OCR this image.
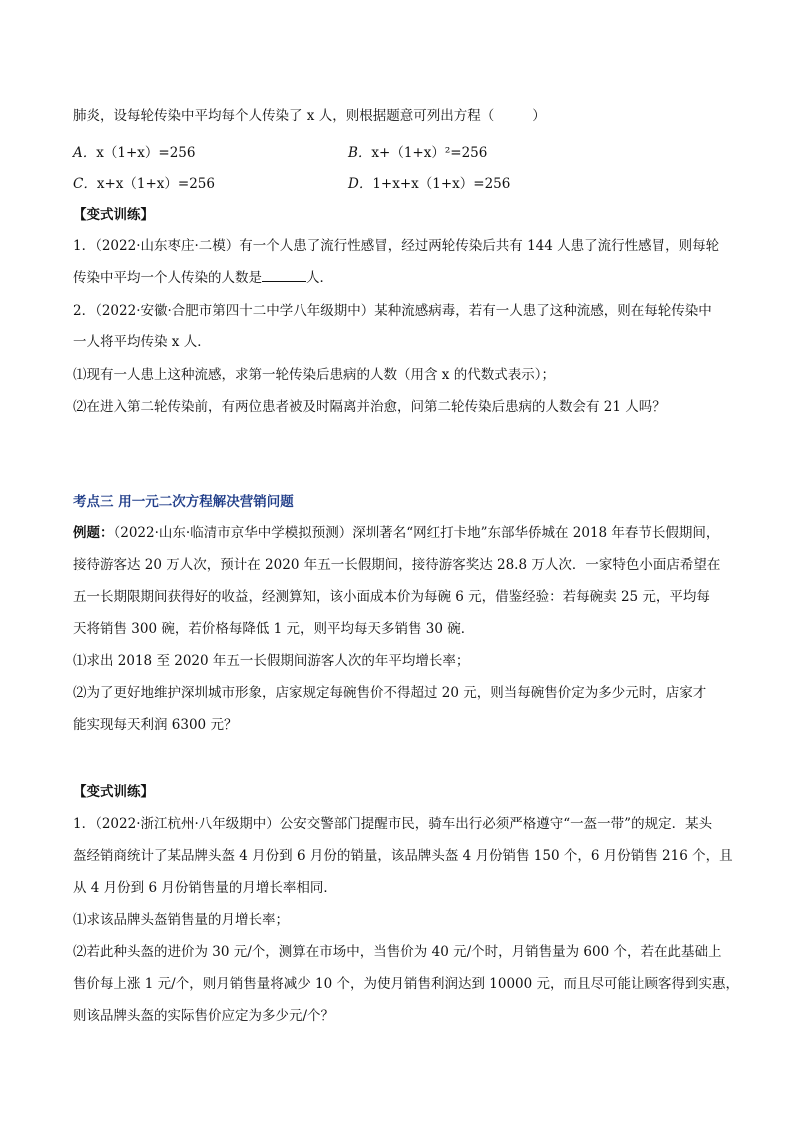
肺炎，设每轮传染中平均每个人传染了 x 人，则根据题意可列出方程（	）
A．x（1+x）=256	B．x+（1+x）²=256
C．x+x（1+x）=256	D．1+x+x（1+x）=256
【变式训练】
1．（2022·山东枣庄·二模）有一个人患了流行性感冒，经过两轮传染后共有 144 人患了流行性感冒，则每轮
传染中平均一个人传染的人数是	人．
2．（2022·安徽·合肥市第四十二中学八年级期中）某种流感病毒，若有一人患了这种流感，则在每轮传染中
一人将平均传染 x 人．
⑴现有一人患上这种流感，求第一轮传染后患病的人数（用含 x 的代数式表示）；
⑵在进入第二轮传染前，有两位患者被及时隔离并治愈，问第二轮传染后患病的人数会有 21 人吗？
考点三 用一元二次方程解决营销问题
例题：（2022·山东·临清市京华中学模拟预测）深圳著名“网红打卡地”东部华侨城在 2018 年春节长假期间，
接待游客达 20 万人次，预计在 2020 年五一长假期间，接待游客奖达 28.8 万人次．一家特色小面店希望在
五一长期限期间获得好的收益，经测算知，该小面成本价为每碗 6 元，借鉴经验：若每碗卖 25 元，平均每
天将销售 300 碗，若价格每降低 1 元，则平均每天多销售 30 碗．
⑴求出 2018 至 2020 年五一长假期间游客人次的年平均增长率；
⑵为了更好地维护深圳城市形象，店家规定每碗售价不得超过 20 元，则当每碗售价定为多少元时，店家才
能实现每天利润 6300 元？
【变式训练】
1．（2022·浙江杭州·八年级期中）公安交警部门提醒市民，骑车出行必须严格遵守“一盔一带”的规定．某头
盔经销商统计了某品牌头盔 4 月份到 6 月份的销量，该品牌头盔 4 月份销售 150 个，6 月份销售 216 个，且
从 4 月份到 6 月份销售量的月增长率相同．
⑴求该品牌头盔销售量的月增长率；
⑵若此种头盔的进价为 30 元/个，测算在市场中，当售价为 40 元/个时，月销售量为 600 个，若在此基础上
售价每上涨 1 元/个，则月销售量将减少 10 个，为使月销售利润达到 10000 元，而且尽可能让顾客得到实惠，
则该品牌头盔的实际售价应定为多少元/个？
